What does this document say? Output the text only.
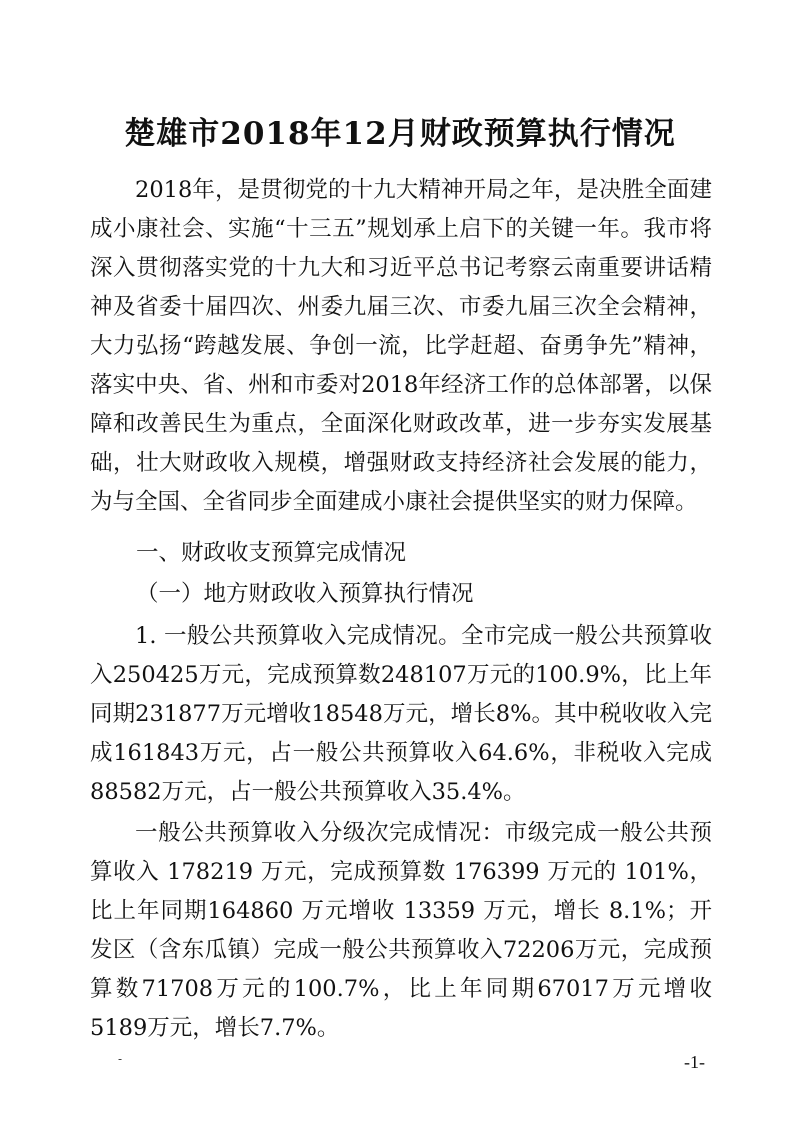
楚雄市2018年12月财政预算执行情况

2018年，是贯彻党的十九大精神开局之年，是决胜全面建成小康社会、实施“十三五”规划承上启下的关键一年。我市将深入贯彻落实党的十九大和习近平总书记考察云南重要讲话精神及省委十届四次、州委九届三次、市委九届三次全会精神，大力弘扬“跨越发展、争创一流，比学赶超、奋勇争先”精神，落实中央、省、州和市委对2018年经济工作的总体部署，以保障和改善民生为重点，全面深化财政改革，进一步夯实发展基础，壮大财政收入规模，增强财政支持经济社会发展的能力，为与全国、全省同步全面建成小康社会提供坚实的财力保障。

一、财政收支预算完成情况

（一）地方财政收入预算执行情况

1. 一般公共预算收入完成情况。全市完成一般公共预算收入250425万元，完成预算数248107万元的100.9%，比上年同期231877万元增收18548万元，增长8%。其中税收收入完成161843万元，占一般公共预算收入64.6%，非税收入完成88582万元，占一般公共预算收入35.4%。

一般公共预算收入分级次完成情况：市级完成一般公共预算收入 178219 万元，完成预算数 176399 万元的 101%，比上年同期164860 万元增收 13359 万元，增长 8.1%；开发区（含东瓜镇）完成一般公共预算收入72206万元，完成预算数71708万元的100.7%，比上年同期67017万元增收5189万元，增长7.7%。

-	-1-
